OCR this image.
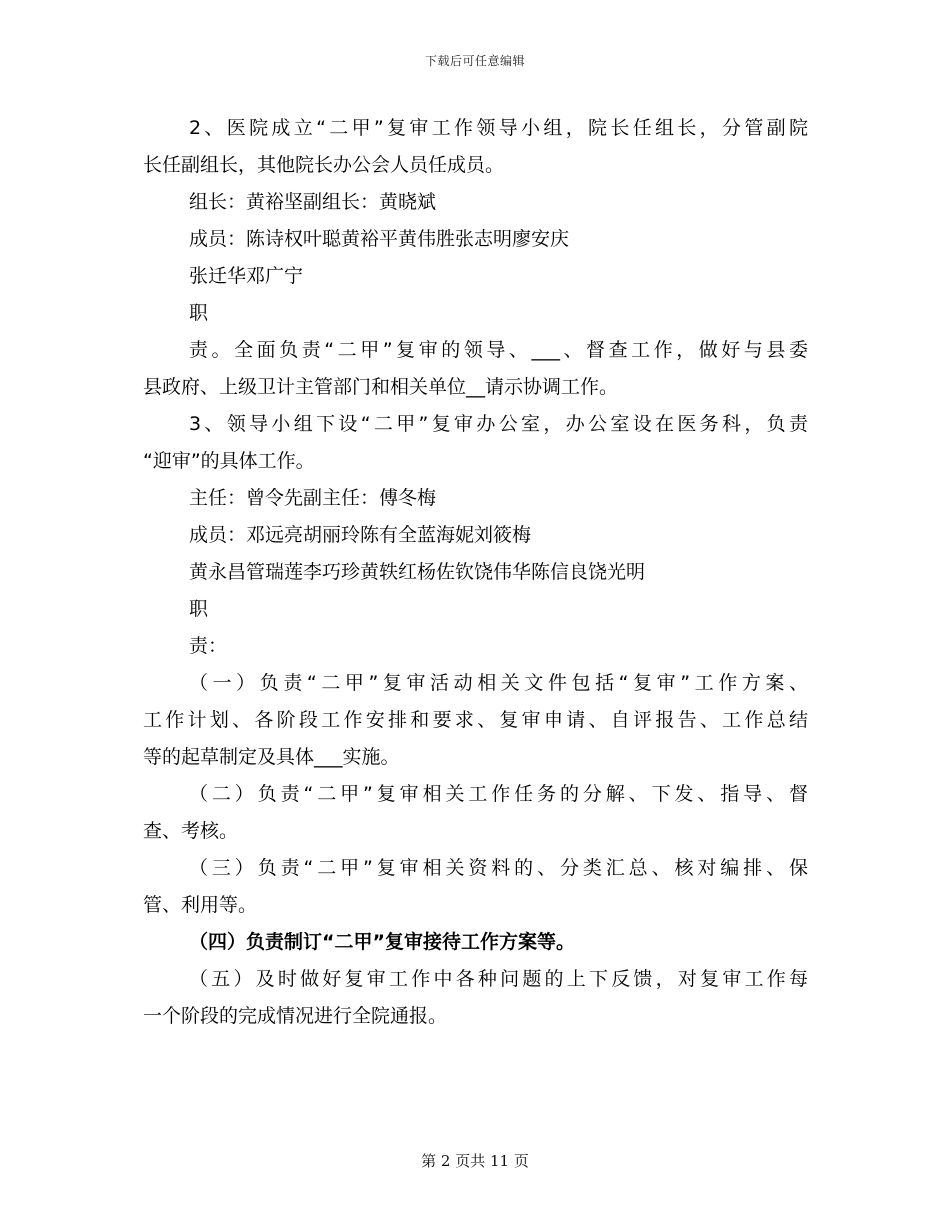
下载后可任意编辑
2、医院成立“二甲”复审工作领导小组，院长任组长，分管副院
长任副组长，其他院长办公会人员任成员。
组长：黄裕坚副组长：黄晓斌
成员：陈诗权叶聪黄裕平黄伟胜张志明廖安庆
张迁华邓广宁
职
责。全面负责“二甲”复审的领导、___、督查工作，做好与县委
县政府、上级卫计主管部门和相关单位__请示协调工作。
3、领导小组下设“二甲”复审办公室，办公室设在医务科，负责
“迎审”的具体工作。
主任：曾令先副主任：傅冬梅
成员：邓远亮胡丽玲陈有全蓝海妮刘筱梅
黄永昌管瑞莲李巧珍黄轶红杨佐钦饶伟华陈信良饶光明
职
责：
（一）负责“二甲”复审活动相关文件包括“复审”工作方案、
工作计划、各阶段工作安排和要求、复审申请、自评报告、工作总结
等的起草制定及具体___实施。
（二）负责“二甲”复审相关工作任务的分解、下发、指导、督
查、考核。
（三）负责“二甲”复审相关资料的、分类汇总、核对编排、保
管、利用等。
（四）负责制订“二甲”复审接待工作方案等。
（五）及时做好复审工作中各种问题的上下反馈，对复审工作每
一个阶段的完成情况进行全院通报。
第 2 页共 11 页
